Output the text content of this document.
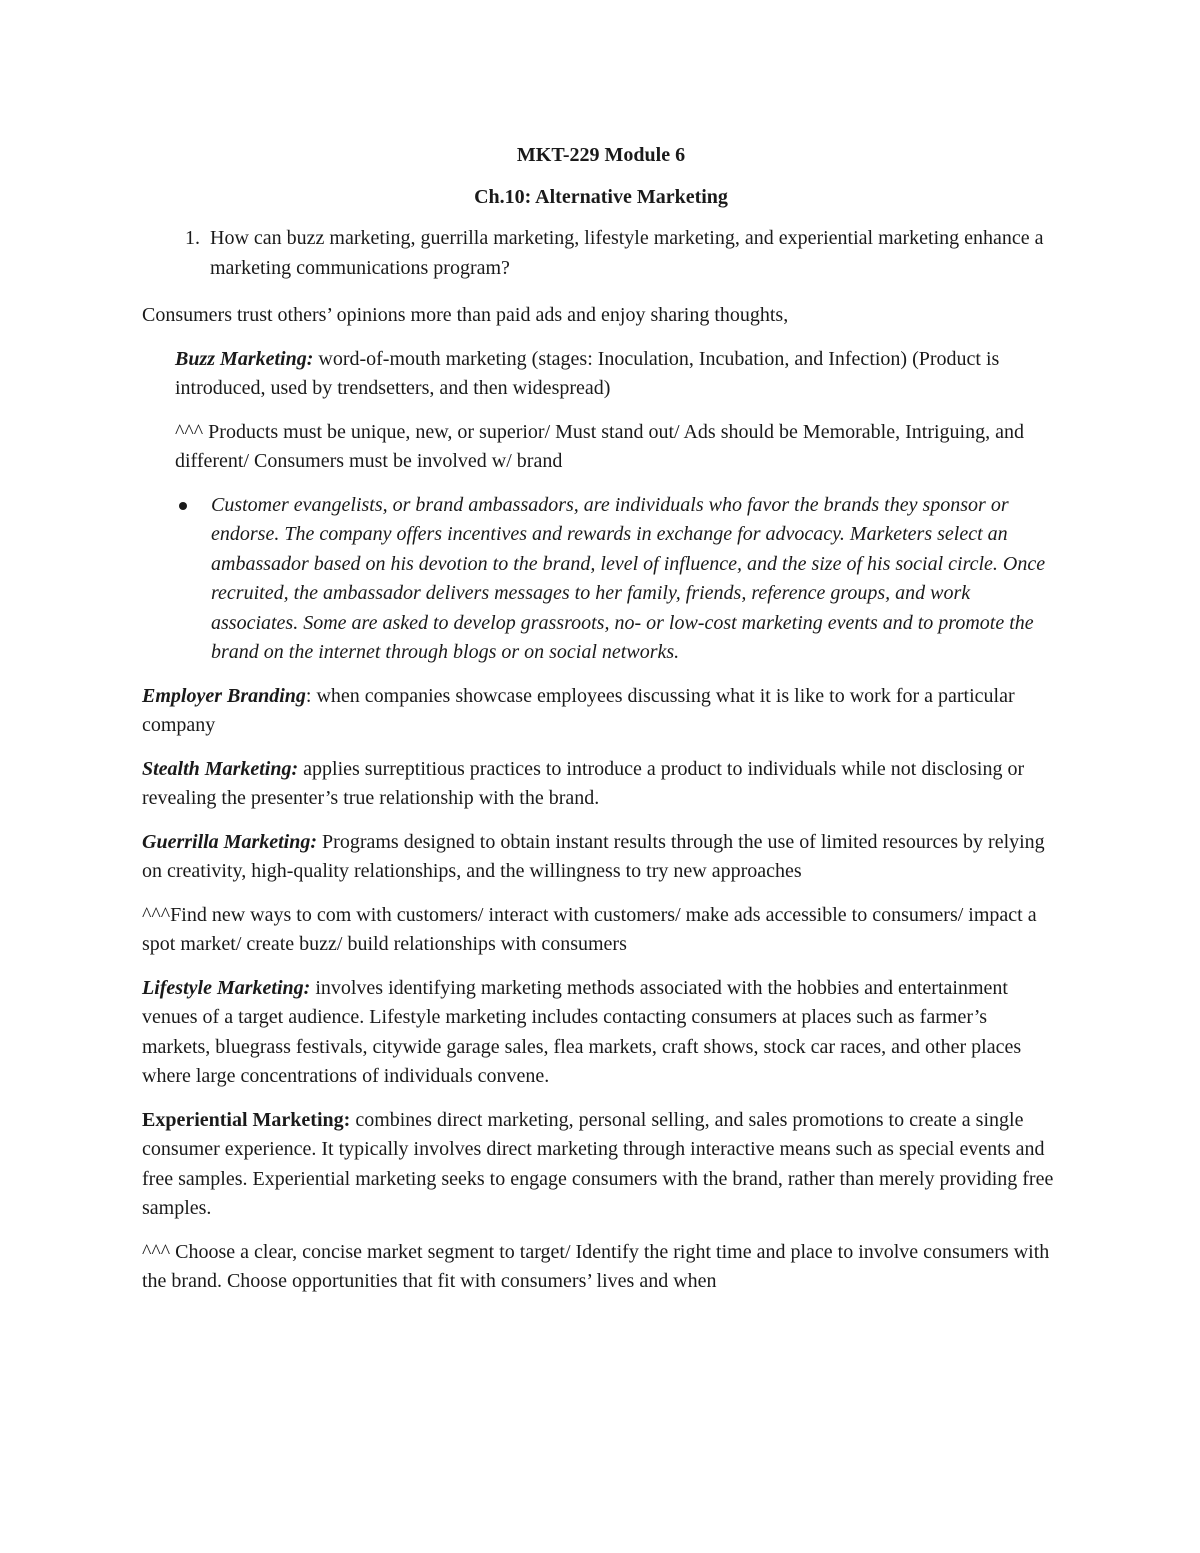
MKT-229 Module 6

Ch.10: Alternative Marketing

1. How can buzz marketing, guerrilla marketing, lifestyle marketing, and experiential marketing enhance a marketing communications program?

Consumers trust others’ opinions more than paid ads and enjoy sharing thoughts,

Buzz Marketing: word-of-mouth marketing (stages: Inoculation, Incubation, and Infection) (Product is introduced, used by trendsetters, and then widespread)

^^^ Products must be unique, new, or superior/ Must stand out/ Ads should be Memorable, Intriguing, and different/ Consumers must be involved w/ brand

Customer evangelists, or brand ambassadors, are individuals who favor the brands they sponsor or endorse. The company offers incentives and rewards in exchange for advocacy. Marketers select an ambassador based on his devotion to the brand, level of influence, and the size of his social circle. Once recruited, the ambassador delivers messages to her family, friends, reference groups, and work associates. Some are asked to develop grassroots, no- or low-cost marketing events and to promote the brand on the internet through blogs or on social networks.

Employer Branding: when companies showcase employees discussing what it is like to work for a particular company

Stealth Marketing: applies surreptitious practices to introduce a product to individuals while not disclosing or revealing the presenter’s true relationship with the brand.

Guerrilla Marketing: Programs designed to obtain instant results through the use of limited resources by relying on creativity, high-quality relationships, and the willingness to try new approaches

^^^Find new ways to com with customers/ interact with customers/ make ads accessible to consumers/ impact a spot market/ create buzz/ build relationships with consumers

Lifestyle Marketing: involves identifying marketing methods associated with the hobbies and entertainment venues of a target audience. Lifestyle marketing includes contacting consumers at places such as farmer’s markets, bluegrass festivals, citywide garage sales, flea markets, craft shows, stock car races, and other places where large concentrations of individuals convene.

Experiential Marketing: combines direct marketing, personal selling, and sales promotions to create a single consumer experience. It typically involves direct marketing through interactive means such as special events and free samples. Experiential marketing seeks to engage consumers with the brand, rather than merely providing free samples.

^^^ Choose a clear, concise market segment to target/ Identify the right time and place to involve consumers with the brand. Choose opportunities that fit with consumers’ lives and when
